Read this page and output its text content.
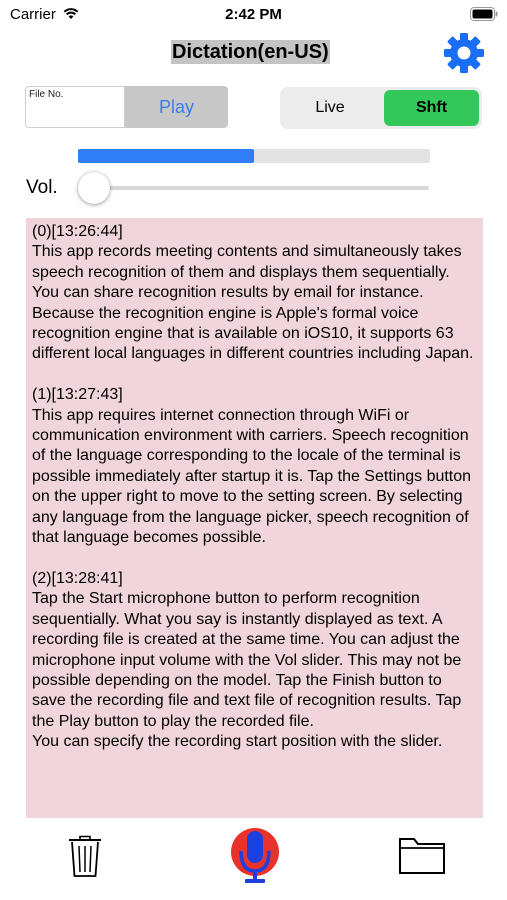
Carrier	2:42 PM
Dictation(en-US)
File No.
Play	Live	Shft
Vol.

(0)[13:26:44]

This app records meeting contents and simultaneously takes speech recognition of them and displays them sequentially. You can share recognition results by email for instance. Because the recognition engine is Apple's formal voice recognition engine that is available on iOS10, it supports 63 different local languages in different countries including Japan.

(1)[13:27:43]

This app requires internet connection through WiFi or communication environment with carriers. Speech recognition of the language corresponding to the locale of the terminal is possible immediately after startup it is. Tap the Settings button on the upper right to move to the setting screen. By selecting any language from the language picker, speech recognition of that language becomes possible.

(2)[13:28:41]

Tap the Start microphone button to perform recognition sequentially. What you say is instantly displayed as text. A recording file is created at the same time. You can adjust the microphone input volume with the Vol slider. This may not be possible depending on the model. Tap the Finish button to save the recording file and text file of recognition results. Tap the Play button to play the recorded file.

You can specify the recording start position with the slider.
